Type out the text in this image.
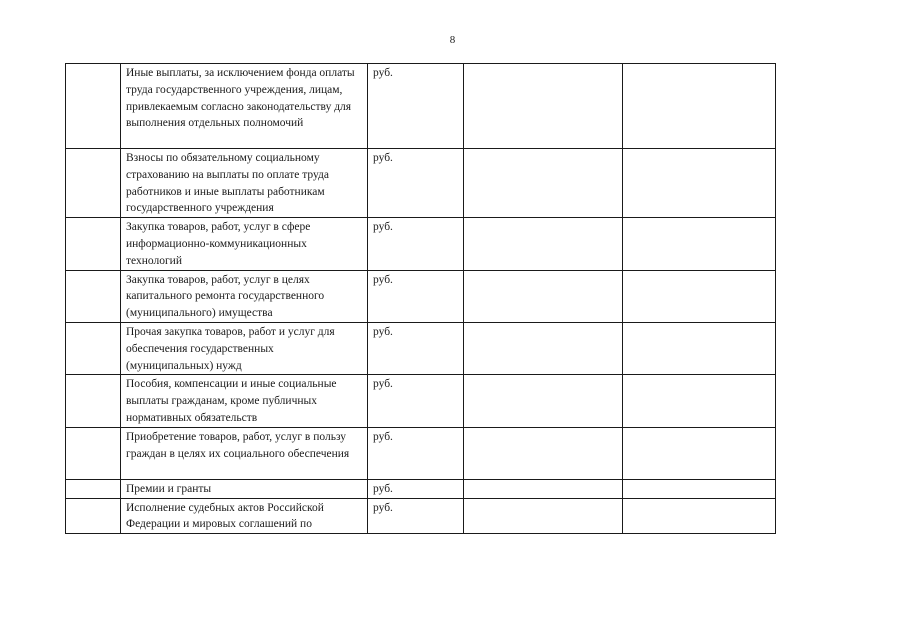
8
	Иные выплаты, за исключением фонда оплаты труда государственного учреждения, лицам, привлекаемым согласно законодательству для выполнения отдельных полномочий	руб.		
	Взносы по обязательному социальному страхованию на выплаты по оплате труда работников и иные выплаты работникам государственного учреждения	руб.		
	Закупка товаров, работ, услуг в сфере информационно-коммуникационных технологий	руб.		
	Закупка товаров, работ, услуг в целях капитального ремонта государственного (муниципального) имущества	руб.		
	Прочая закупка товаров, работ и услуг для обеспечения государственных (муниципальных) нужд	руб.		
	Пособия, компенсации и иные социальные выплаты гражданам, кроме публичных нормативных обязательств	руб.		
	Приобретение товаров, работ, услуг в пользу граждан в целях их социального обеспечения	руб.		
	Премии и гранты	руб.		
	Исполнение судебных актов Российской Федерации и мировых соглашений по	руб.		
